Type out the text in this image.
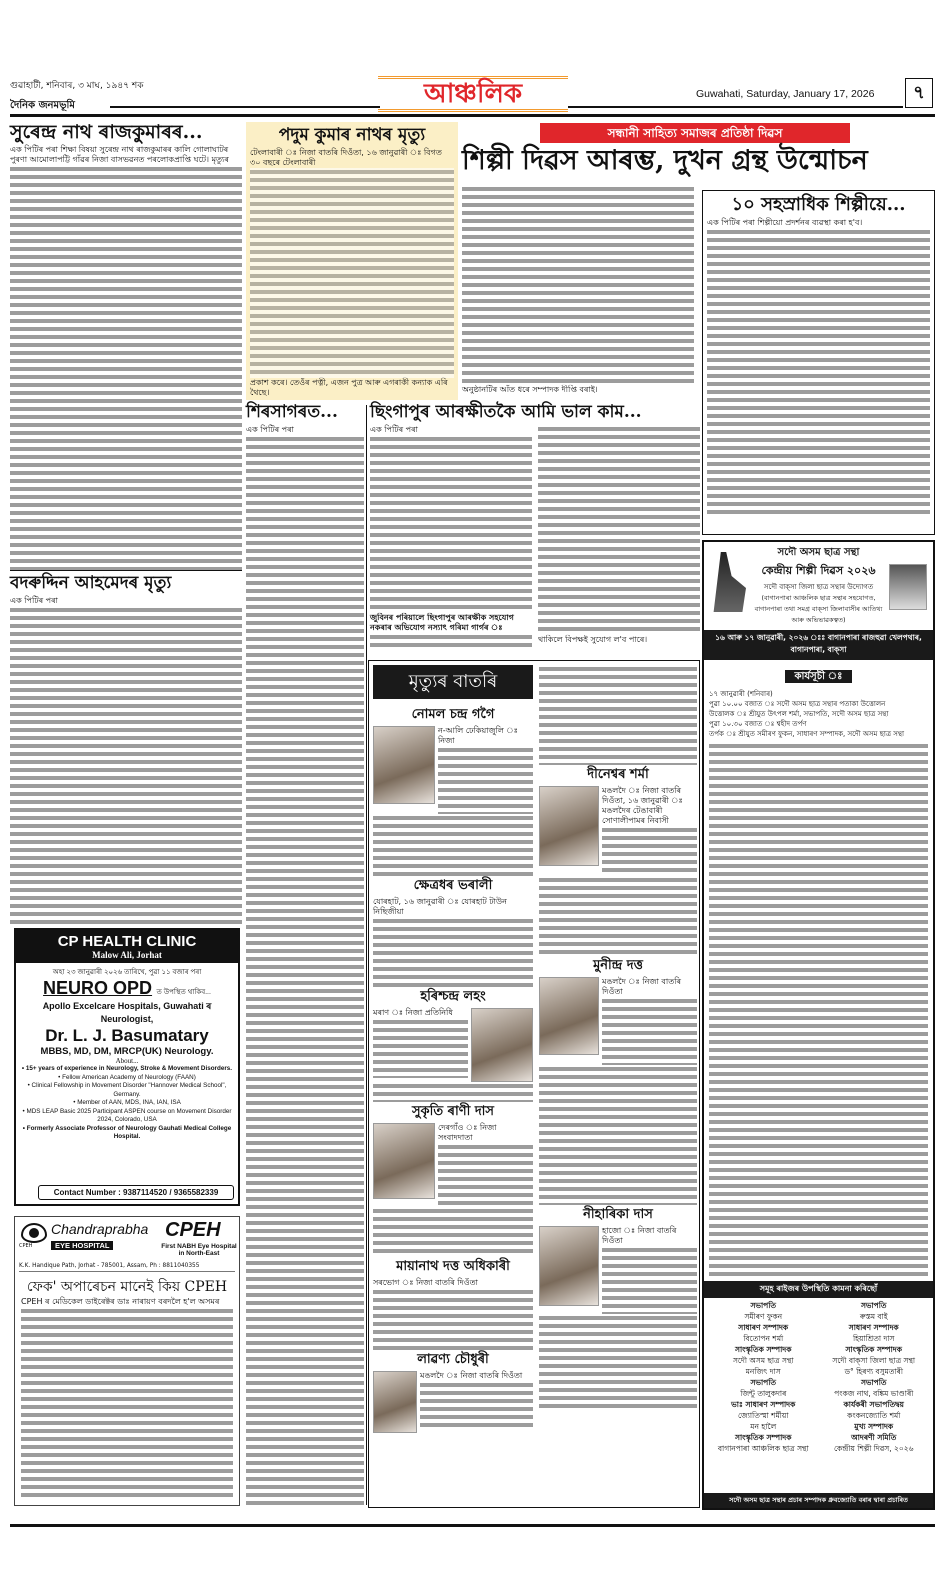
গুৱাহাটী, শনিবাৰ, ৩ মাঘ, ১৯৪৭ শক
দৈনিক জনমভূমি	আঞ্চলিক	Guwahati, Saturday, January 17, 2026	৭
সুৰেন্দ্ৰ নাথ ৰাজকুমাৰৰ...
এক পিটিৰ পৰা শিক্ষা বিষয়া সুৰেন্দ্ৰ নাথ ৰাজকুমাৰৰ কালি গোলাঘাটৰ পুৰণা আমোলাপট্টি গাঁৱৰ নিজা বাসভৱনত পৰলোকপ্ৰাপ্তি ঘটে। মৃত্যুৰ
বদৰুদ্দিন আহমেদৰ মৃত্যু
এক পিটিৰ পৰা
CP HEALTH CLINIC
Malow Ali, Jorhat
অহা ২৩ জানুৱাৰী ২০২৬ তাৰিখে, পুৱা ১১ বজাৰ পৰা
NEURO OPD ত উপস্থিত থাকিব...
Apollo Excelcare Hospitals, Guwahati ৰ Neurologist,
Dr. L. J. Basumatary
MBBS, MD, DM, MRCP(UK) Neurology.
About...
• 15+ years of experience in Neurology, Stroke & Movement Disorders.
• Fellow American Academy of Neurology (FAAN)
• Clinical Fellowship in Movement Disorder "Hannover Medical School", Germany.
• Member of AAN, MDS, INA, IAN, ISA
• MDS LEAP Basic 2025 Participant ASPEN course on Movement Disorder 2024, Colorado, USA
• Formerly Associate Professor of Neurology Gauhati Medical College Hospital.
Contact Number : 9387114520 / 9365582339
Chandraprabha
EYE HOSPITAL
CPEH
CPEH
First NABH Eye Hospital in North-East
K.K. Handique Path, Jorhat - 785001, Assam, Ph : 8811040355
ফেক' অপাৰেচন মানেই কিয় CPEH
CPEH ৰ মেডিকেল ডাইৰেক্টৰ ডাঃ নাৰায়ণ বৰদলৈ হ'ল অসমৰ
পদুম কুমাৰ নাথৰ মৃত্যু
টেংলাবাৰী ঃ নিজা বাতৰি দিওঁতা, ১৬ জানুৱাৰী ঃ বিগত ৩০ বছৰে টেংলাবাৰী
প্ৰকাশ কৰে। তেওঁৰ পত্নী, এজন পুত্ৰ আৰু এগৰাকী কন্যাক এৰি থৈছে।
সন্ধানী সাহিত্য সমাজৰ প্ৰতিষ্ঠা দিৱস
শিল্পী দিৱস আৰম্ভ, দুখন গ্ৰন্থ উন্মোচন
অনুষ্ঠানটিৰ আঁত ধৰে সম্পাদক দীপ্তি বৰাই।
১০ সহস্ৰাধিক শিল্পীয়ে...
এক পিটিৰ পৰা শিল্পীয়ো প্ৰদৰ্শনৰ ব্যৱস্থা কৰা হ'ব।
শিৰসাগৰত...
এক পিটিৰ পৰা
ছিংগাপুৰ আৰক্ষীতকৈ আমি ভাল কাম...
এক পিটিৰ পৰা
জুবিনৰ পৰিয়ালে ছিংগাপুৰ আৰক্ষীক সহযোগ নকৰাৰ অভিযোগ নস্যাৎ গৰিমা গাৰ্গৰ ঃ
থাকিলে বিপক্ষই সুযোগ ল'ব পাৰে।
মৃত্যুৰ বাতৰি
নোমল চন্দ্ৰ গগৈ
ন-আলি ঢেকিয়াজুলি ঃ নিজা
ক্ষেত্ৰধৰ ভৰালী
যোৰহাট, ১৬ জানুৱাৰী ঃ যোৰহাট টাউন নিছিজীয়া
হৰিশ্চন্দ্ৰ লহং
মৰাণ ঃ নিজা প্ৰতিনিধি
সুকৃতি ৰাণী দাস
দেৰগাঁও ঃ নিজা সংবাদদাতা
মায়ানাথ দত্ত অধিকাৰী
সৰভোগ ঃ নিজা বাতৰি দিওঁতা
লাৱণ্য চৌধুৰী
মঙলদৈ ঃ নিজা বাতৰি দিওঁতা
দীনেশ্বৰ শৰ্মা
মঙলদৈ ঃ নিজা বাতৰি দিওঁতা, ১৬ জানুৱাৰী ঃ মঙলদৈৰ টেঙাবাৰী সোণালীপামৰ নিবাসী
মুনীন্দ্ৰ দত্ত
মঙলদৈ ঃ নিজা বাতৰি দিওঁতা
নীহাৰিকা দাস
হাজো ঃ নিজা বাতৰি দিওঁতা
সদৌ অসম ছাত্ৰ সন্থা
কেন্দ্ৰীয় শিল্পী দিৱস ২০২৬
সদৌ বাক্‌সা জিলা ছাত্ৰ সন্থাৰ উদ্যোগত
(বাগানপাৰা আঞ্চলিক ছাত্ৰ সন্থাৰ সহযোগত, বাগানপাৰা তথা সমগ্ৰ বাক্‌সা জিলাবাসীৰ আতিথ্য আৰু অভিভাৱকত্বত)
১৬ আৰু ১৭ জানুৱাৰী, ২০২৬ ঃঃ বাগানপাৰা ৰাজহুৱা খেলপথাৰ, বাগানপাৰা, বাক্‌সা
কাৰ্যসূচী ঃ
১৭ জানুৱাৰী (শনিবাৰ)
পুৱা ১০.০০ বজাত ঃ সদৌ অসম ছাত্ৰ সন্থাৰ পতাকা উত্তোলন
উত্তোলক ঃ শ্ৰীযুত উৎপল শৰ্মা, সভাপতি, সদৌ অসম ছাত্ৰ সন্থা
পুৱা ১০.৩০ বজাত ঃ শ্বহীদ তৰ্পণ
তৰ্পক ঃ শ্ৰীযুত সমীৰণ ফুকন, সাধাৰণ সম্পাদক, সদৌ অসম ছাত্ৰ সন্থা
সমূহ ৰাইজৰ উপস্থিতি কামনা কৰিছোঁ
সভাপতি	সভাপতি
সমীৰণ ফুকন	ৰুস্তম বাই
সাধাৰণ সম্পাদক	সাধাৰণ সম্পাদক
বিতোপন শৰ্মা	হিয়াশ্ৰিতা দাস
সাংস্কৃতিক সম্পাদক	সাংস্কৃতিক সম্পাদক
সদৌ অসম ছাত্ৰ সন্থা	সদৌ বাক্‌সা জিলা ছাত্ৰ সন্থা
মনজিৎ দাস	ড° হিৰণ্য বসুমতাৰী
সভাপতি	সভাপতি
জিন্টু তালুকদাৰ	পংকজ নাথ, বঙ্কিম ভাণ্ডাৰী
ভাঃ সাধাৰণ সম্পাদক	কাৰ্যকৰী সভাপতিদ্বয়
জ্যোতিস্মা শৰ্মীয়া	কংকনজ্যোতি শৰ্মা
মন হালৈ	মুখ্য সম্পাদক
সাংস্কৃতিক সম্পাদক	আদৰণী সমিতি
বাগানপাৰা আঞ্চলিক ছাত্ৰ সন্থা	কেন্দ্ৰীয় শিল্পী দিৱস, ২০২৬
সদৌ অসম ছাত্ৰ সন্থাৰ প্ৰচাৰ সম্পাদক ধ্ৰুবজ্যোতি বৰাৰ দ্বাৰা প্ৰচাৰিত
